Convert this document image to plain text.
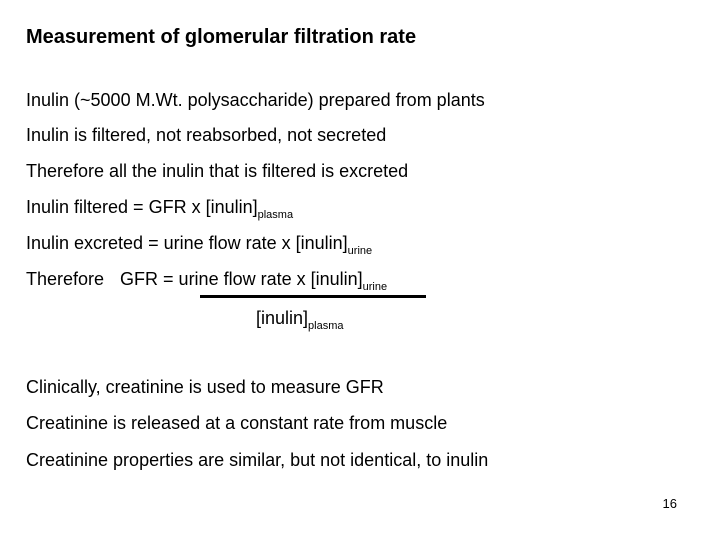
Measurement of glomerular filtration rate
Inulin (~5000 M.Wt. polysaccharide) prepared from plants
Inulin is filtered, not reabsorbed, not secreted
Therefore all the inulin that is filtered is excreted
Inulin filtered = GFR x $[inulin]_{plasma}$
Inulin excreted = urine flow rate x $[inulin]_{urine}$
Therefore GFR = urine flow rate x $[inulin]_{urine}$
$[inulin]_{plasma}$
Clinically, creatinine is used to measure GFR
Creatinine is released at a constant rate from muscle
Creatinine properties are similar, but not identical, to inulin
16
